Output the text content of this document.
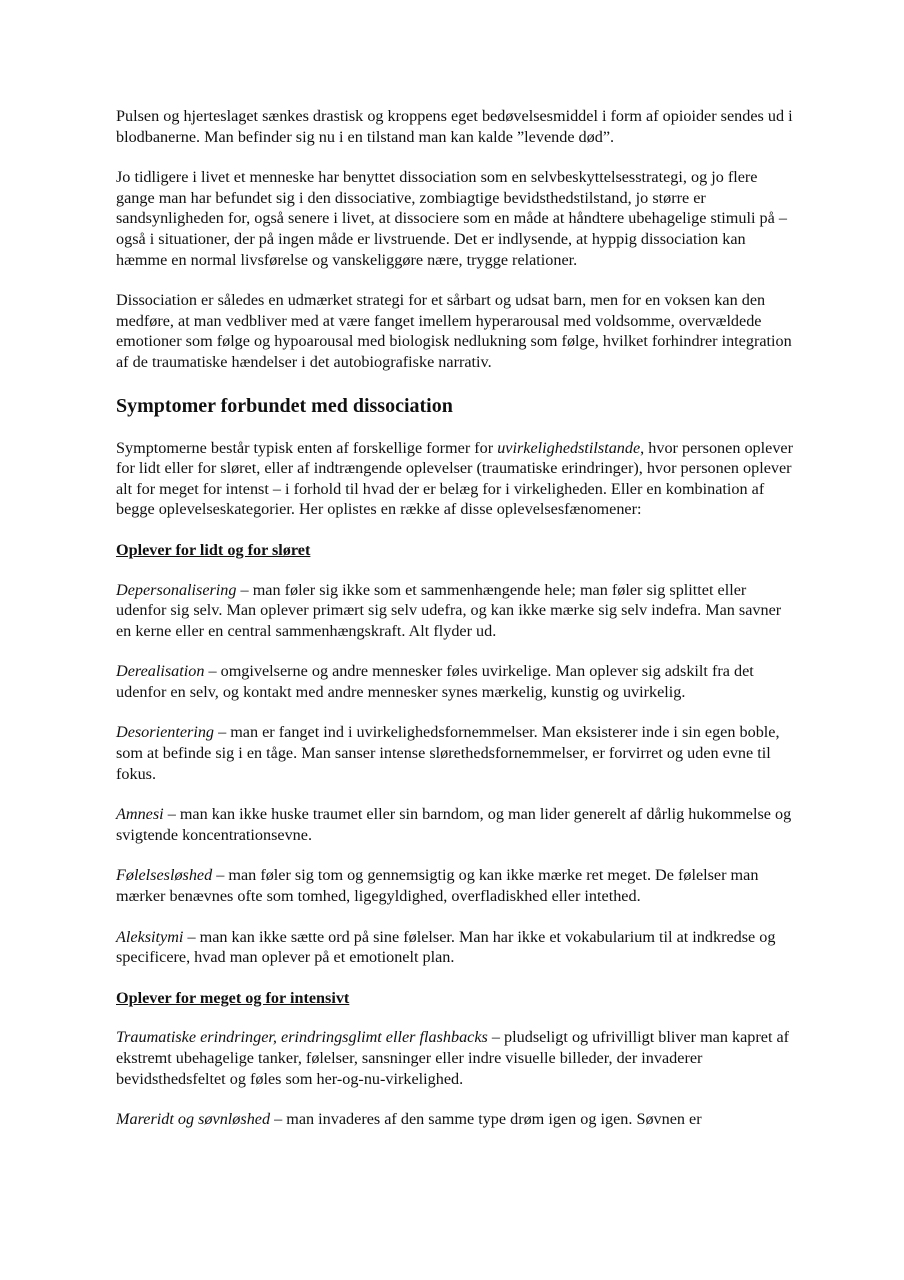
Pulsen og hjerteslaget sænkes drastisk og kroppens eget bedøvelsesmiddel i form af opioider sendes ud i blodbanerne. Man befinder sig nu i en tilstand man kan kalde ”levende død”.

Jo tidligere i livet et menneske har benyttet dissociation som en selvbeskyttelsesstrategi, og jo flere gange man har befundet sig i den dissociative, zombiagtige bevidsthedstilstand, jo større er sandsynligheden for, også senere i livet, at dissociere som en måde at håndtere ubehagelige stimuli på – også i situationer, der på ingen måde er livstruende. Det er indlysende, at hyppig dissociation kan hæmme en normal livsførelse og vanskeliggøre nære, trygge relationer.

Dissociation er således en udmærket strategi for et sårbart og udsat barn, men for en voksen kan den medføre, at man vedbliver med at være fanget imellem hyperarousal med voldsomme, overvældede emotioner som følge og hypoarousal med biologisk nedlukning som følge, hvilket forhindrer integration af de traumatiske hændelser i det autobiografiske narrativ.

Symptomer forbundet med dissociation

Symptomerne består typisk enten af forskellige former for uvirkelighedstilstande, hvor personen oplever for lidt eller for sløret, eller af indtrængende oplevelser (traumatiske erindringer), hvor personen oplever alt for meget for intenst – i forhold til hvad der er belæg for i virkeligheden. Eller en kombination af begge oplevelseskategorier. Her oplistes en række af disse oplevelsesfænomener:

Oplever for lidt og for sløret

Depersonalisering – man føler sig ikke som et sammenhængende hele; man føler sig splittet eller udenfor sig selv. Man oplever primært sig selv udefra, og kan ikke mærke sig selv indefra. Man savner en kerne eller en central sammenhængskraft. Alt flyder ud.

Derealisation – omgivelserne og andre mennesker føles uvirkelige. Man oplever sig adskilt fra det udenfor en selv, og kontakt med andre mennesker synes mærkelig, kunstig og uvirkelig.

Desorientering – man er fanget ind i uvirkelighedsfornemmelser. Man eksisterer inde i sin egen boble, som at befinde sig i en tåge. Man sanser intense slørethedsfornemmelser, er forvirret og uden evne til fokus.

Amnesi – man kan ikke huske traumet eller sin barndom, og man lider generelt af dårlig hukommelse og svigtende koncentrationsevne.

Følelsesløshed – man føler sig tom og gennemsigtig og kan ikke mærke ret meget. De følelser man mærker benævnes ofte som tomhed, ligegyldighed, overfladiskhed eller intethed.

Aleksitymi – man kan ikke sætte ord på sine følelser. Man har ikke et vokabularium til at indkredse og specificere, hvad man oplever på et emotionelt plan.

Oplever for meget og for intensivt

Traumatiske erindringer, erindringsglimt eller flashbacks – pludseligt og ufrivilligt bliver man kapret af ekstremt ubehagelige tanker, følelser, sansninger eller indre visuelle billeder, der invaderer bevidsthedsfeltet og føles som her-og-nu-virkelighed.

Mareridt og søvnløshed – man invaderes af den samme type drøm igen og igen. Søvnen er
